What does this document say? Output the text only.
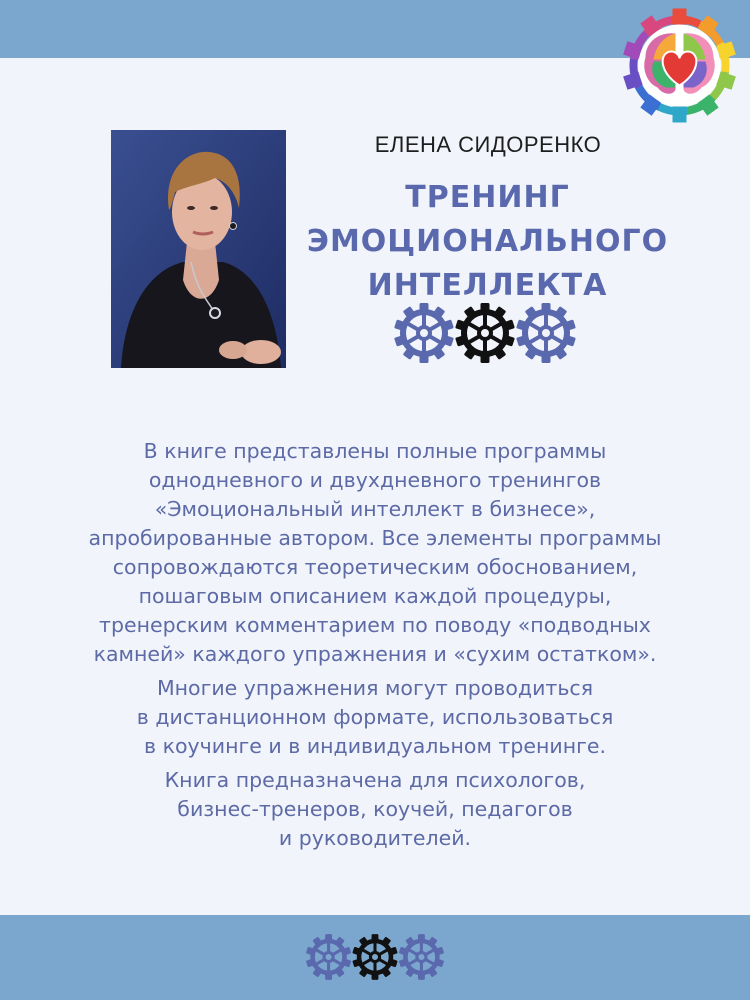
ЕЛЕНА СИДОРЕНКО
ТРЕНИНГ
ЭМОЦИОНАЛЬНОГО
ИНТЕЛЛЕКТА

В книге представлены полные программы
однодневного и двухдневного тренингов
«Эмоциональный интеллект в бизнесе»,
апробированные автором. Все элементы программы
сопровождаются теоретическим обоснованием,
пошаговым описанием каждой процедуры,
тренерским комментарием по поводу «подводных
камней» каждого упражнения и «сухим остатком».

Многие упражнения могут проводиться
в дистанционном формате, использоваться
в коучинге и в индивидуальном тренинге.

Книга предназначена для психологов,
бизнес-тренеров, коучей, педагогов
и руководителей.
